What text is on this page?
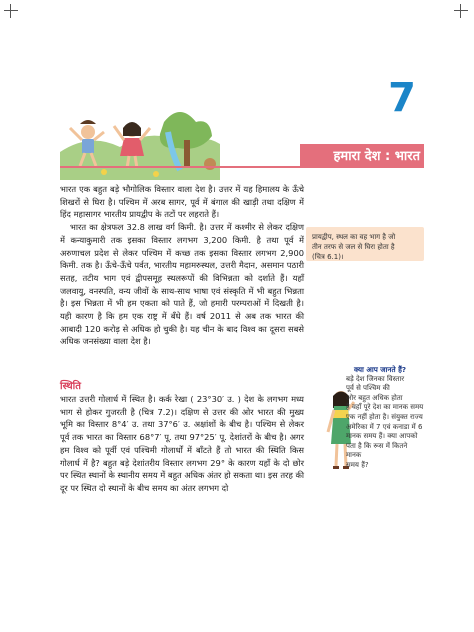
7
हमारा देश : भारत

भारत एक बहुत बड़े भौगोलिक विस्तार वाला देश है। उत्तर में यह हिमालय के ऊँचे शिखरों से घिरा है। पश्चिम में अरब सागर, पूर्व में बंगाल की खाड़ी तथा दक्षिण में हिंद महासागर भारतीय प्रायद्वीप के तटों पर लहराते हैं।

भारत का क्षेत्रफल 32.8 लाख वर्ग किमी. है। उत्तर में कश्मीर से लेकर दक्षिण में कन्याकुमारी तक इसका विस्तार लगभग 3,200 किमी. है तथा पूर्व में अरुणाचल प्रदेश से लेकर पश्चिम में कच्छ तक इसका विस्तार लगभग 2,900 किमी. तक है। ऊँचे-ऊँचे पर्वत, भारतीय महामरुस्थल, उत्तरी मैदान, असमान पठारी सतह, तटीय भाग एवं द्वीपसमूह स्थलरूपों की विभिन्नता को दर्शाते हैं। यहाँ जलवायु, वनस्पति, वन्य जीवों के साथ-साथ भाषा एवं संस्कृति में भी बहुत भिन्नता है। इस भिन्नता में भी हम एकता को पाते हैं, जो हमारी परम्पराओं में दिखती है। यही कारण है कि हम एक राष्ट्र में बँधे हैं। वर्ष 2011 से अब तक भारत की आबादी 120 करोड़ से अधिक हो चुकी है। यह चीन के बाद विश्व का दूसरा सबसे अधिक जनसंख्या वाला देश है।

स्थिति

भारत उत्तरी गोलार्ध में स्थित है। कर्क रेखा ( 23°30′ उ. ) देश के लगभग मध्य भाग से होकर गुजरती है (चित्र 7.2)। दक्षिण से उत्तर की ओर भारत की मुख्य भूमि का विस्तार 8°4′ उ. तथा 37°6′ उ. अक्षांशों के बीच है। पश्चिम से लेकर पूर्व तक भारत का विस्तार 68°7′ पू. तथा 97°25′ पू. देशांतरों के बीच है। अगर हम विश्व को पूर्वी एवं पश्चिमी गोलार्धों में बाँटते हैं तो भारत की स्थिति किस गोलार्ध में है? बहुत बड़े देशांतरीय विस्तार लगभग 29° के कारण यहाँ के दो छोर पर स्थित स्थानों के स्थानीय समय में बहुत अधिक अंतर हो सकता था। इस तरह की दूर पर स्थित दो स्थानों के बीच समय का अंतर लगभग दो

प्रायद्वीप, स्थल का वह भाग है जो
तीन तरफ से जल से घिरा होता है
(चित्र 6.1)।
क्या आप जानते हैं?
बड़े देश जिनका विस्तार
पूर्व से पश्चिम की
ओर बहुत अधिक होता
है वहाँ पूरे देश का मानक समय
एक नहीं होता है। संयुक्त राज्य
अमेरिका में 7 एवं कनाडा में 6
मानक समय हैं। क्या आपको
पता है कि रूस में कितने मानक
समय हैं?
